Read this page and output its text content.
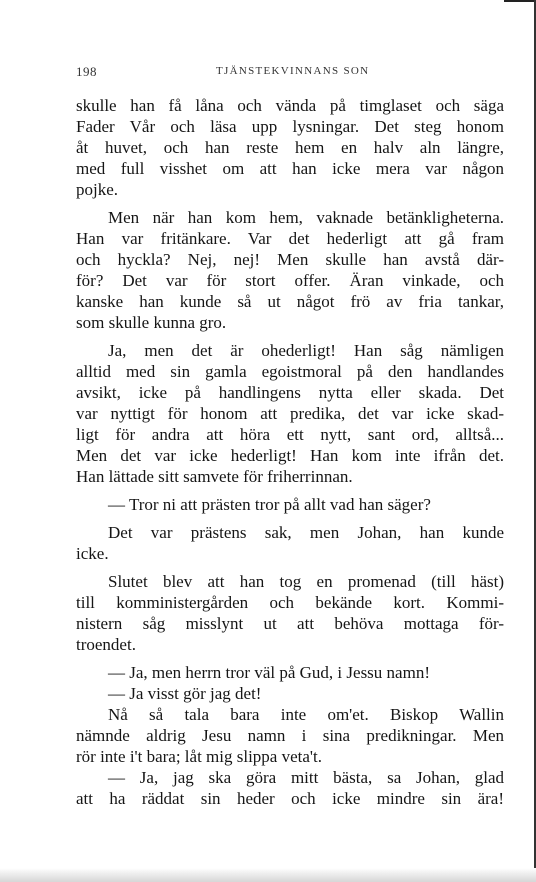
198	TJÄNSTEKVINNANS SON
skulle han få låna och vända på timglaset och säga
Fader Vår och läsa upp lysningar. Det steg honom
åt huvet, och han reste hem en halv aln längre,
med full visshet om att han icke mera var någon
pojke.
Men när han kom hem, vaknade betänkligheterna.
Han var fritänkare. Var det hederligt att gå fram
och hyckla? Nej, nej! Men skulle han avstå där-
för? Det var för stort offer. Äran vinkade, och
kanske han kunde så ut något frö av fria tankar,
som skulle kunna gro.
Ja, men det är ohederligt! Han såg nämligen
alltid med sin gamla egoistmoral på den handlandes
avsikt, icke på handlingens nytta eller skada. Det
var nyttigt för honom att predika, det var icke skad-
ligt för andra att höra ett nytt, sant ord, alltså...
Men det var icke hederligt! Han kom inte ifrån det.
Han lättade sitt samvete för friherrinnan.
— Tror ni att prästen tror på allt vad han säger?
Det var prästens sak, men Johan, han kunde
icke.
Slutet blev att han tog en promenad (till häst)
till komministergården och bekände kort. Kommi-
nistern såg misslynt ut att behöva mottaga för-
troendet.
— Ja, men herrn tror väl på Gud, i Jessu namn!
— Ja visst gör jag det!
Nå så tala bara inte om'et. Biskop Wallin
nämnde aldrig Jesu namn i sina predikningar. Men
rör inte i't bara; låt mig slippa veta't.
— Ja, jag ska göra mitt bästa, sa Johan, glad
att ha räddat sin heder och icke mindre sin ära!
